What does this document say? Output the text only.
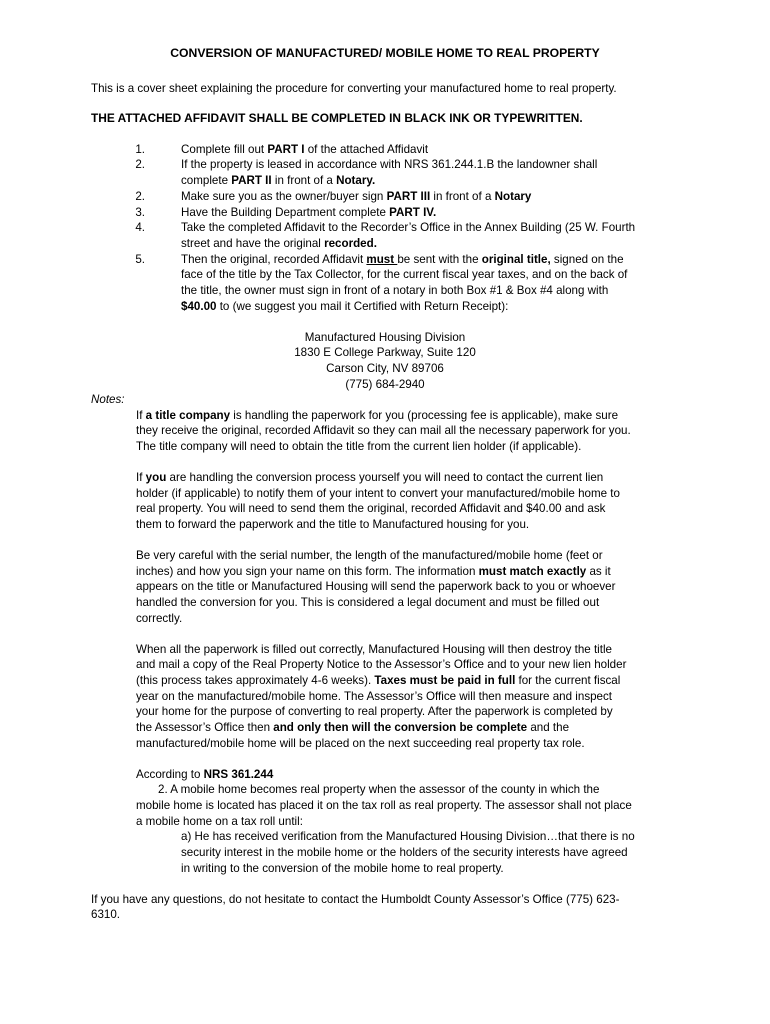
CONVERSION OF MANUFACTURED/ MOBILE HOME TO REAL PROPERTY
This is a cover sheet explaining the procedure for converting your manufactured home to real property.
THE ATTACHED AFFIDAVIT SHALL BE COMPLETED IN BLACK INK OR TYPEWRITTEN.
1.	Complete fill out PART I of the attached Affidavit
2.	If the property is leased in accordance with NRS 361.244.1.B the landowner shall
complete PART II in front of a Notary.
2.	Make sure you as the owner/buyer sign PART III in front of a Notary
3.	Have the Building Department complete PART IV.
4.	Take the completed Affidavit to the Recorder’s Office in the Annex Building (25 W. Fourth
street and have the original recorded.
5.	Then the original, recorded Affidavit must be sent with the original title, signed on the
face of the title by the Tax Collector, for the current fiscal year taxes, and on the back of
the title, the owner must sign in front of a notary in both Box #1 & Box #4 along with
$40.00 to (we suggest you mail it Certified with Return Receipt):
Manufactured Housing Division
1830 E College Parkway, Suite 120
Carson City, NV 89706
(775) 684-2940
Notes:
If a title company is handling the paperwork for you (processing fee is applicable), make sure
they receive the original, recorded Affidavit so they can mail all the necessary paperwork for you.
The title company will need to obtain the title from the current lien holder (if applicable).
If you are handling the conversion process yourself you will need to contact the current lien
holder (if applicable) to notify them of your intent to convert your manufactured/mobile home to
real property. You will need to send them the original, recorded Affidavit and $40.00 and ask
them to forward the paperwork and the title to Manufactured housing for you.
Be very careful with the serial number, the length of the manufactured/mobile home (feet or
inches) and how you sign your name on this form. The information must match exactly as it
appears on the title or Manufactured Housing will send the paperwork back to you or whoever
handled the conversion for you. This is considered a legal document and must be filled out
correctly.
When all the paperwork is filled out correctly, Manufactured Housing will then destroy the title
and mail a copy of the Real Property Notice to the Assessor’s Office and to your new lien holder
(this process takes approximately 4-6 weeks). Taxes must be paid in full for the current fiscal
year on the manufactured/mobile home. The Assessor’s Office will then measure and inspect
your home for the purpose of converting to real property. After the paperwork is completed by
the Assessor’s Office then and only then will the conversion be complete and the
manufactured/mobile home will be placed on the next succeeding real property tax role.
According to NRS 361.244
2. A mobile home becomes real property when the assessor of the county in which the
mobile home is located has placed it on the tax roll as real property. The assessor shall not place
a mobile home on a tax roll until:
a) He has received verification from the Manufactured Housing Division…that there is no
security interest in the mobile home or the holders of the security interests have agreed
in writing to the conversion of the mobile home to real property.
If you have any questions, do not hesitate to contact the Humboldt County Assessor’s Office (775) 623-
6310.
